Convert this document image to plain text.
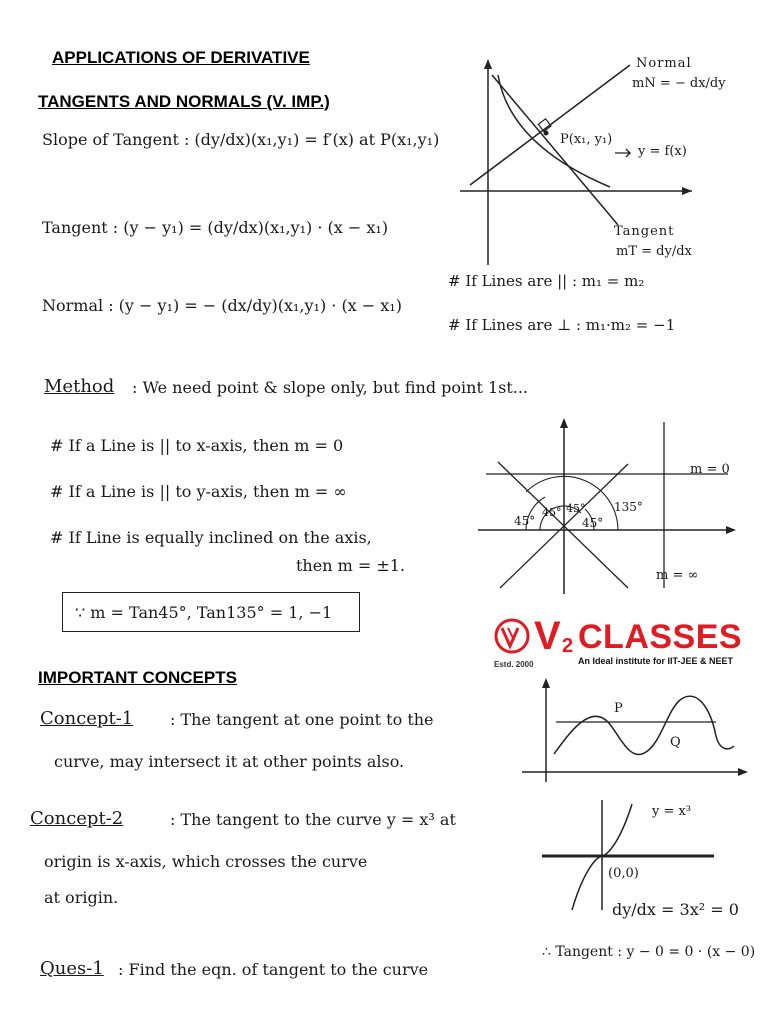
APPLICATIONS OF DERIVATIVE
TANGENTS AND NORMALS (V. IMP.)
Slope of Tangent : (dy/dx)(x₁,y₁) = f′(x) at P(x₁,y₁)
Tangent : (y − y₁) = (dy/dx)(x₁,y₁) · (x − x₁)
Normal : (y − y₁) = − (dx/dy)(x₁,y₁) · (x − x₁)
Normal
mN = − dx/dy
P(x₁, y₁)
y = f(x)
Tangent
mT = dy/dx
# If Lines are || : m₁ = m₂
# If Lines are ⊥ : m₁·m₂ = −1
Method : We need point & slope only, but find point 1st...
# If a Line is || to x-axis, then m = 0
# If a Line is || to y-axis, then m = ∞
# If Line is equally inclined on the axis,
then m = ±1.
∵ m = Tan45°, Tan135° = 1, −1
m = 0
m = ∞
45°
45° 45°
45°
135°
V 2 CLASSES
Estd. 2000	An Ideal institute for IIT-JEE & NEET
IMPORTANT CONCEPTS
Concept-1 : The tangent at one point to the
curve, may intersect it at other points also.
P
Q
Concept-2	: The tangent to the curve y = x³ at
origin is x-axis, which crosses the curve
at origin.
y = x³
(0,0)
dy/dx = 3x² = 0
∴ Tangent : y − 0 = 0 · (x − 0)
Ques-1 : Find the eqn. of tangent to the curve
